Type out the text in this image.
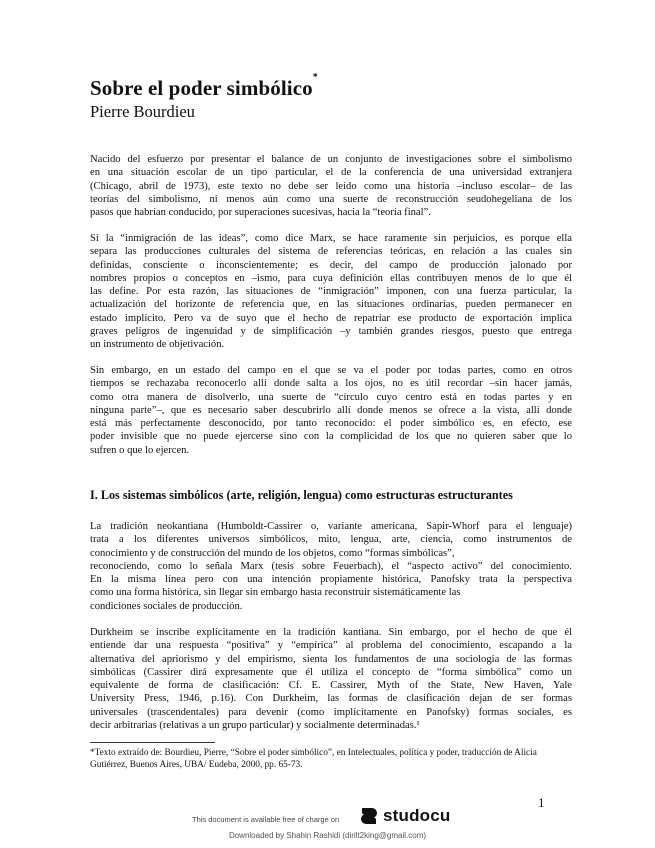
Sobre el poder simbólico*
Pierre Bourdieu
Nacido del esfuerzo por presentar el balance de un conjunto de investigaciones sobre el simbolismo
en una situación escolar de un tipo particular, el de la conferencia de una universidad extranjera
(Chicago, abril de 1973), este texto no debe ser leído como una historia –incluso escolar– de las
teorías del simbolismo, ni menos aún como una suerte de reconstrucción seudohegeliana de los
pasos que habrían conducido, por superaciones sucesivas, hacia la “teoría final”.
Si la “inmigración de las ideas”, como dice Marx, se hace raramente sin perjuicios, es porque ella
separa las producciones culturales del sistema de referencias teóricas, en relación a las cuales sin
definidas, consciente o inconscientemente; es decir, del campo de producción jalonado por
nombres propios o conceptos en –ismo, para cuya definición ellas contribuyen menos de lo que él
las define. Por esta razón, las situaciones de “inmigración” imponen, con una fuerza particular, la
actualización del horizonte de referencia que, en las situaciones ordinarias, pueden permanecer en
estado implícito. Pero va de suyo que el hecho de repatriar ese producto de exportación implica
graves peligros de ingenuidad y de simplificación –y también grandes riesgos, puesto que entrega
un instrumento de objetivación.
Sin embargo, en un estado del campo en el que se va el poder por todas partes, como en otros
tiempos se rechazaba reconocerlo allí donde salta a los ojos, no es útil recordar –sin hacer jamás,
como otra manera de disolverlo, una suerte de “círculo cuyo centro está en todas partes y en
ninguna parte”–, que es necesario saber descubrirlo allí donde menos se ofrece a la vista, allí donde
está más perfectamente desconocido, por tanto reconocido: el poder simbólico es, en efecto, ese
poder invisible que no puede ejercerse sino con la complicidad de los que no quieren saber que lo
sufren o que lo ejercen.
I. Los sistemas simbólicos (arte, religión, lengua) como estructuras estructurantes
La tradición neokantiana (Humboldt-Cassirer o, variante americana, Sapir-Whorf para el lenguaje)
trata a los diferentes universos simbólicos, mito, lengua, arte, ciencia, como instrumentos de
conocimiento y de construcción del mundo de los objetos, como “formas simbólicas”,
reconociendo, como lo señala Marx (tesis sobre Feuerbach), el “aspecto activo” del conocimiento.
En la misma línea pero con una intención propiamente histórica, Panofsky trata la perspectiva
como una forma histórica, sin llegar sin embargo hasta reconstruir sistemáticamente las
condiciones sociales de producción.
Durkheim se inscribe explícitamente en la tradición kantiana. Sin embargo, por el hecho de que él
entiende dar una respuesta “positiva” y “empírica” al problema del conocimiento, escapando a la
alternativa del apriorismo y del empirismo, sienta los fundamentos de una sociología de las formas
simbólicas (Cassirer dirá expresamente que él utiliza el concepto de “forma simbólica” como un
equivalente de forma de clasificación: Cf. E. Cassirer, Myth of the State, New Haven, Yale
University Press, 1946, p.16). Con Durkheim, las formas de clasificación dejan de ser formas
universales (trascendentales) para devenir (como implícitamente en Panofsky) formas sociales, es
decir arbitrarias (relativas a un grupo particular) y socialmente determinadas.¹
*Texto extraído de: Bourdieu, Pierre, “Sobre el poder simbólico”, en Intelectuales, política y poder, traducción de Alicia Gutiérrez, Buenos Aires, UBA/ Eudeba, 2000, pp. 65-73.
1
This document is available free of charge on	studocu
Downloaded by Shahin Rashidi (dirilt2king@gmail.com)
